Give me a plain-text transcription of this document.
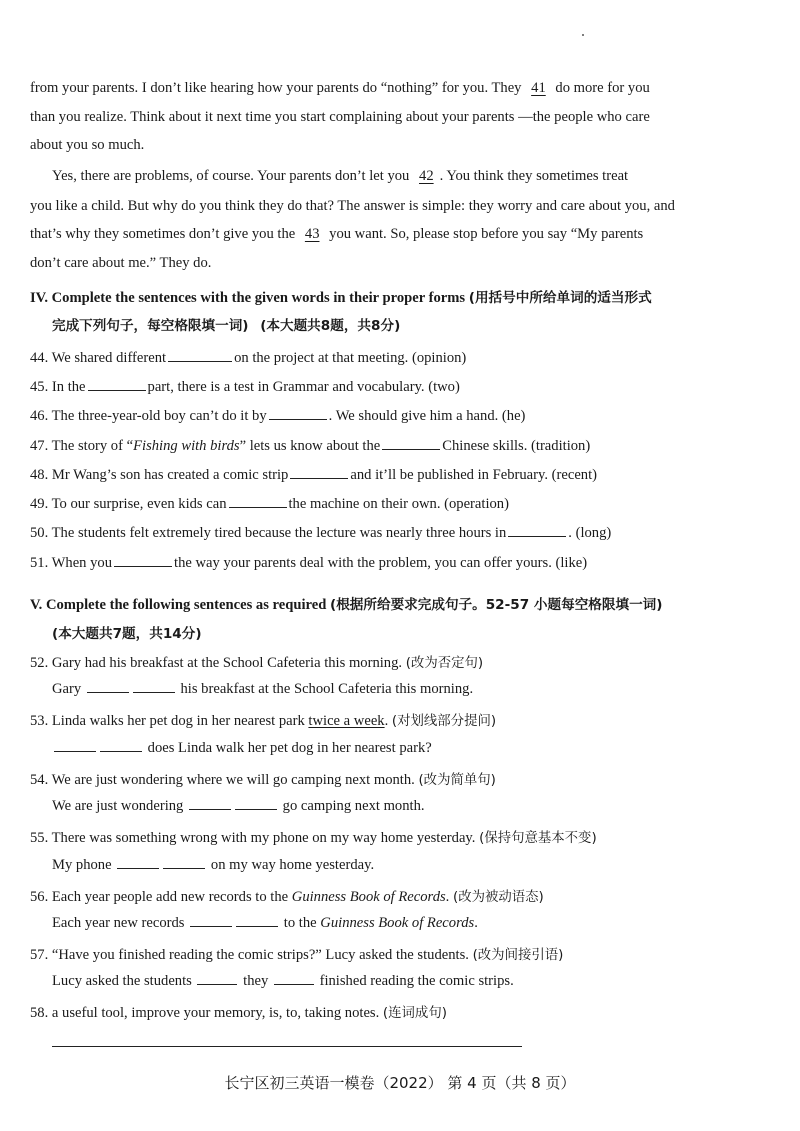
from your parents. I don’t like hearing how your parents do “nothing” for you. They 41 do more for you
than you realize. Think about it next time you start complaining about your parents —the people who care
about you so much.
Yes, there are problems, of course. Your parents don’t let you 42 . You think they sometimes treat
you like a child. But why do you think they do that? The answer is simple: they worry and care about you, and
that’s why they sometimes don’t give you the 43 you want. So, please stop before you say “My parents
don’t care about me.” They do.
IV. Complete the sentences with the given words in their proper forms (用括号中所给单词的适当形式
完成下列句子，每空格限填一词) (本大题共8题，共8分)
44. We shared different	on the project at that meeting. (opinion)
45. In the	part, there is a test in Grammar and vocabulary. (two)
46. The three-year-old boy can’t do it by	. We should give him a hand. (he)
47. The story of “Fishing with birds” lets us know about the	Chinese skills. (tradition)
48. Mr Wang’s son has created a comic strip	and it’ll be published in February. (recent)
49. To our surprise, even kids can	the machine on their own. (operation)
50. The students felt extremely tired because the lecture was nearly three hours in	. (long)
51. When you	the way your parents deal with the problem, you can offer yours. (like)
V. Complete the following sentences as required (根据所给要求完成句子。52-57 小题每空格限填一词)
(本大题共7题，共14分)
52. Gary had his breakfast at the School Cafeteria this morning. (改为否定句)
Gary	his breakfast at the School Cafeteria this morning.
53. Linda walks her pet dog in her nearest park twice a week. (对划线部分提问)
does Linda walk her pet dog in her nearest park?
54. We are just wondering where we will go camping next month. (改为简单句)
We are just wondering	go camping next month.
55. There was something wrong with my phone on my way home yesterday. (保持句意基本不变)
My phone	on my way home yesterday.
56. Each year people add new records to the Guinness Book of Records. (改为被动语态)
Each year new records	to the Guinness Book of Records.
57. “Have you finished reading the comic strips?” Lucy asked the students. (改为间接引语)
Lucy asked the students	they	finished reading the comic strips.
58. a useful tool, improve your memory, is, to, taking notes. (连词成句)
长宁区初三英语一模卷（2022） 第 4 页（共 8 页）
